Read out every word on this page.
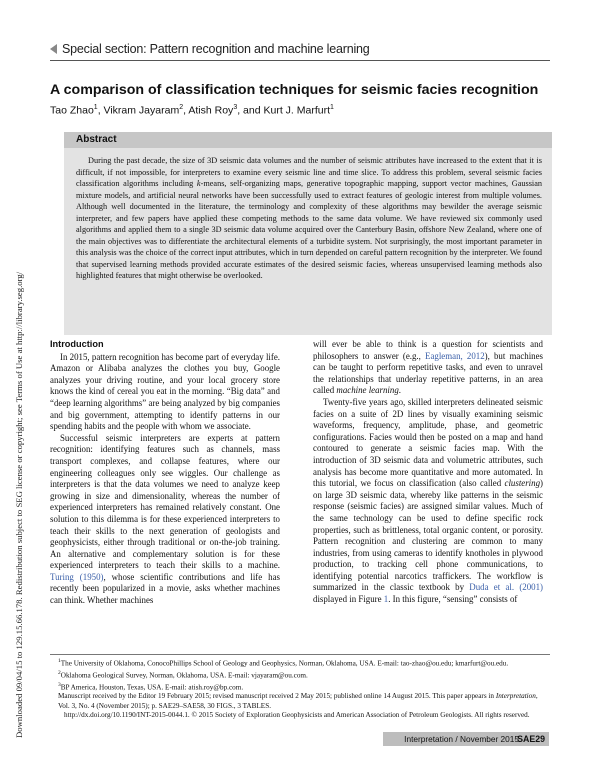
Special section: Pattern recognition and machine learning
A comparison of classification techniques for seismic facies recognition
Tao Zhao$^1$, Vikram Jayaram$^2$, Atish Roy$^3$, and Kurt J. Marfurt$^1$
Abstract
During the past decade, the size of 3D seismic data volumes and the number of seismic attributes have increased to the extent that it is difficult, if not impossible, for interpreters to examine every seismic line and time slice. To address this problem, several seismic facies classification algorithms including k-means, self-organizing maps, generative topographic mapping, support vector machines, Gaussian mixture models, and artificial neural networks have been successfully used to extract features of geologic interest from multiple volumes. Although well documented in the literature, the terminology and complexity of these algorithms may bewilder the average seismic interpreter, and few papers have applied these competing methods to the same data volume. We have reviewed six commonly used algorithms and applied them to a single 3D seismic data volume acquired over the Canterbury Basin, offshore New Zealand, where one of the main objectives was to differentiate the architectural elements of a turbidite system. Not surprisingly, the most important parameter in this analysis was the choice of the correct input attributes, which in turn depended on careful pattern recognition by the interpreter. We found that supervised learning methods provided accurate estimates of the desired seismic facies, whereas unsupervised learning methods also highlighted features that might otherwise be overlooked.
Downloaded 09/04/15 to 129.15.66.178. Redistribution subject to SEG license or copyright; see Terms of Use at http://library.seg.org/	Introduction

In 2015, pattern recognition has become part of everyday life. Amazon or Alibaba analyzes the clothes you buy, Google analyzes your driving routine, and your local grocery store knows the kind of cereal you eat in the morning. “Big data” and “deep learning algorithms” are being analyzed by big companies and big government, attempting to identify patterns in our spending habits and the people with whom we associate.

Successful seismic interpreters are experts at pattern recognition: identifying features such as channels, mass transport complexes, and collapse features, where our engineering colleagues only see wiggles. Our challenge as interpreters is that the data volumes we need to analyze keep growing in size and dimensionality, whereas the number of experienced interpreters has remained relatively constant. One solution to this dilemma is for these experienced interpreters to teach their skills to the next generation of geologists and geophysicists, either through traditional or on-the-job training. An alternative and complementary solution is for these experienced interpreters to teach their skills to a machine. Turing (1950), whose scientific contributions and life has recently been popularized in a movie, asks whether machines can think. Whether machines

will ever be able to think is a question for scientists and philosophers to answer (e.g., Eagleman, 2012), but machines can be taught to perform repetitive tasks, and even to unravel the relationships that underlay repetitive patterns, in an area called machine learning.

Twenty-five years ago, skilled interpreters delineated seismic facies on a suite of 2D lines by visually examining seismic waveforms, frequency, amplitude, phase, and geometric configurations. Facies would then be posted on a map and hand contoured to generate a seismic facies map. With the introduction of 3D seismic data and volumetric attributes, such analysis has become more quantitative and more automated. In this tutorial, we focus on classification (also called clustering) on large 3D seismic data, whereby like patterns in the seismic response (seismic facies) are assigned similar values. Much of the same technology can be used to define specific rock properties, such as brittleness, total organic content, or porosity. Pattern recognition and clustering are common to many industries, from using cameras to identify knotholes in plywood production, to tracking cell phone communications, to identifying potential narcotics traffickers. The workflow is summarized in the classic textbook by Duda et al. (2001) displayed in Figure 1. In this figure, “sensing” consists of

$^1$The University of Oklahoma, ConocoPhillips School of Geology and Geophysics, Norman, Oklahoma, USA. E-mail: tao-zhao@ou.edu; kmarfurt@ou.edu.
$^2$Oklahoma Geological Survey, Norman, Oklahoma, USA. E-mail: vjayaram@ou.com.
$^3$BP America, Houston, Texas, USA. E-mail: atish.roy@bp.com.
Manuscript received by the Editor 19 February 2015; revised manuscript received 2 May 2015; published online 14 August 2015. This paper appears in Interpretation, Vol. 3, No. 4 (November 2015); p. SAE29–SAE58, 30 FIGS., 3 TABLES.
http://dx.doi.org/10.1190/INT-2015-0044.1. © 2015 Society of Exploration Geophysicists and American Association of Petroleum Geologists. All rights reserved.
Interpretation / November 2015
SAE29
